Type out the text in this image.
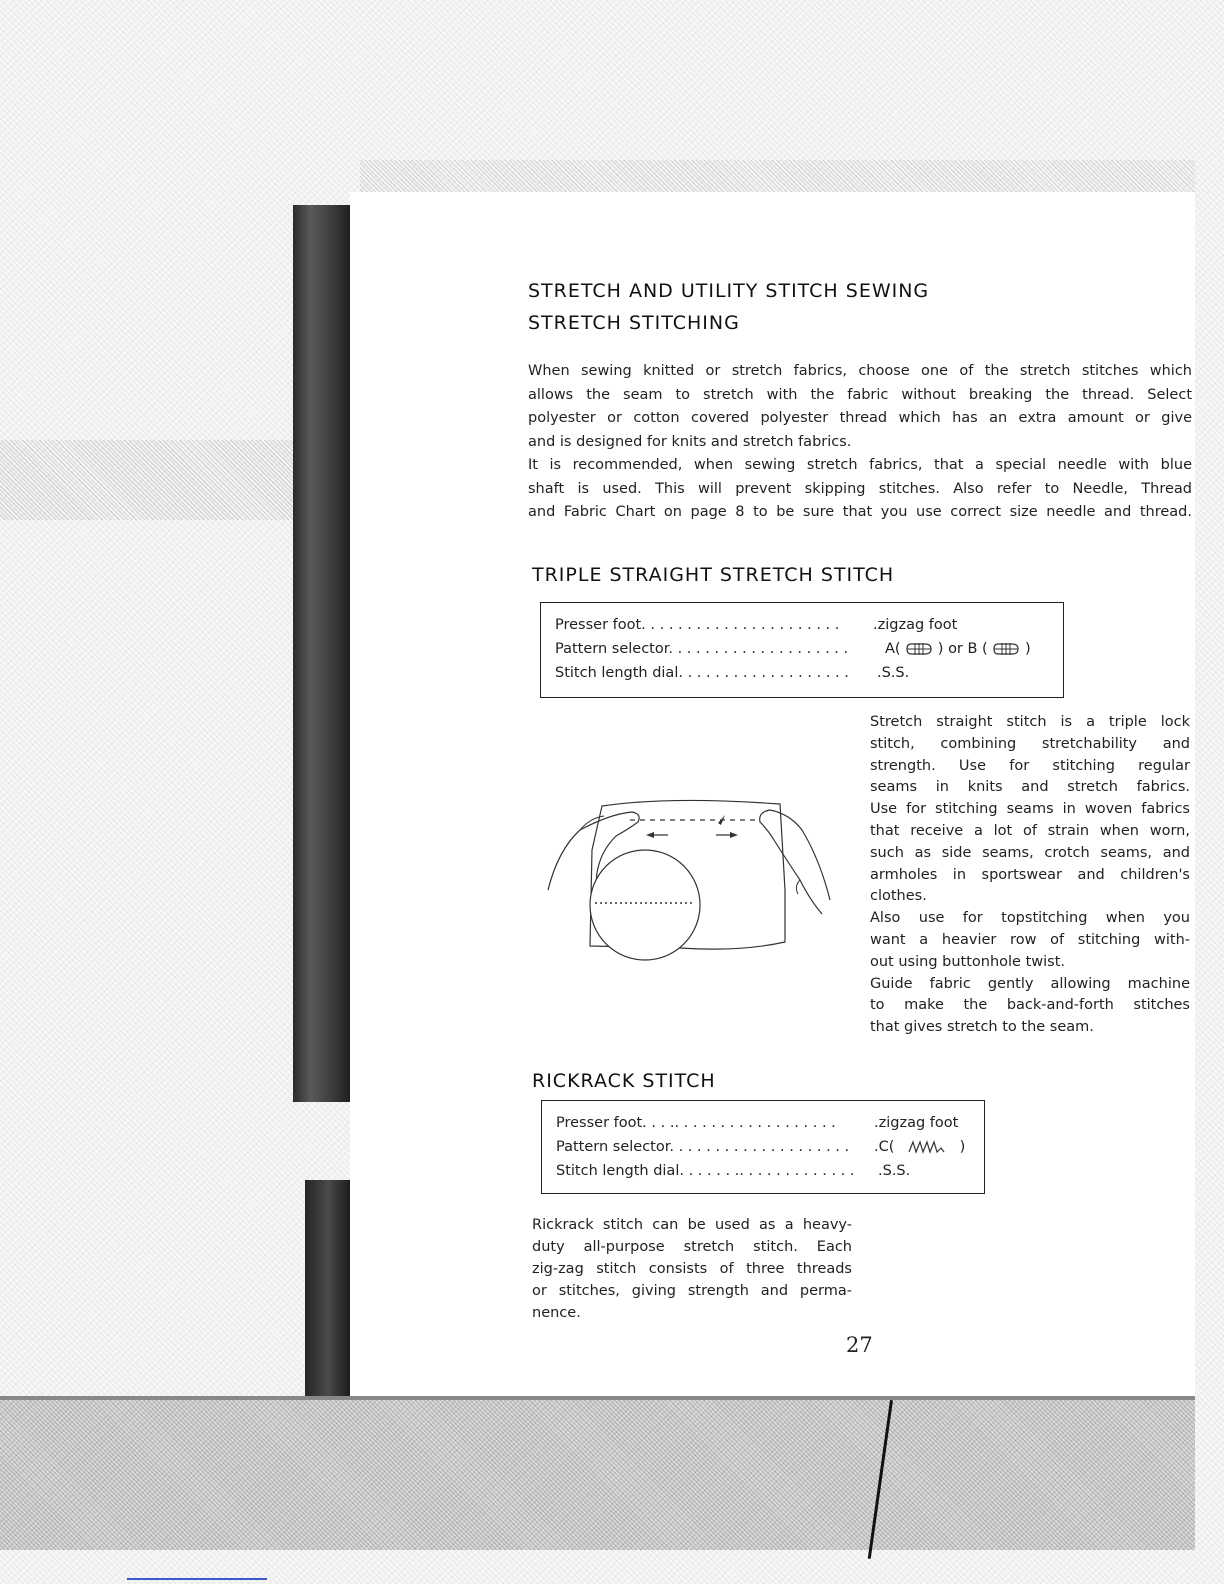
STRETCH AND UTILITY STITCH SEWING
STRETCH STITCHING
When sewing knitted or stretch fabrics, choose one of the stretch stitches which
allows the seam to stretch with the fabric without breaking the thread. Select
polyester or cotton covered polyester thread which has an extra amount or give
and is designed for knits and stretch fabrics.
It is recommended, when sewing stretch fabrics, that a special needle with blue
shaft is used. This will prevent skipping stitches. Also refer to Needle, Thread
and Fabric Chart on page 8 to be sure that you use correct size needle and thread.
TRIPLE STRAIGHT STRETCH STITCH
Presser foot. . . . . . . . . . . . . . . . . . . . . . .zigzag foot
Pattern selector. . . . . . . . . . . . . . . . . . . .	A(	) or B (	)
Stitch length dial. . . . . . . . . . . . . . . . . . . .S.S.
Stretch straight stitch is a triple lock
stitch, combining stretchability and
strength. Use for stitching regular
seams in knits and stretch fabrics.
Use for stitching seams in woven fabrics
that receive a lot of strain when worn,
such as side seams, crotch seams, and
armholes in sportswear and children's
clothes.
Also use for topstitching when you
want a heavier row of stitching with-
out using buttonhole twist.
Guide fabric gently allowing machine
to make the back-and-forth stitches
that gives stretch to the seam.
RICKRACK STITCH
Presser foot. . . .. . . . . . . . . . . . . . . . . .	.zigzag foot
Pattern selector. . . . . . . . . . . . . . . . . . . . .C(	)
Stitch length dial. . . . . . .. . . . . . . . . . . . . .S.S.
Rickrack stitch can be used as a heavy-
duty all-purpose stretch stitch. Each
zig-zag stitch consists of three threads
or stitches, giving strength and perma-
nence.
27
